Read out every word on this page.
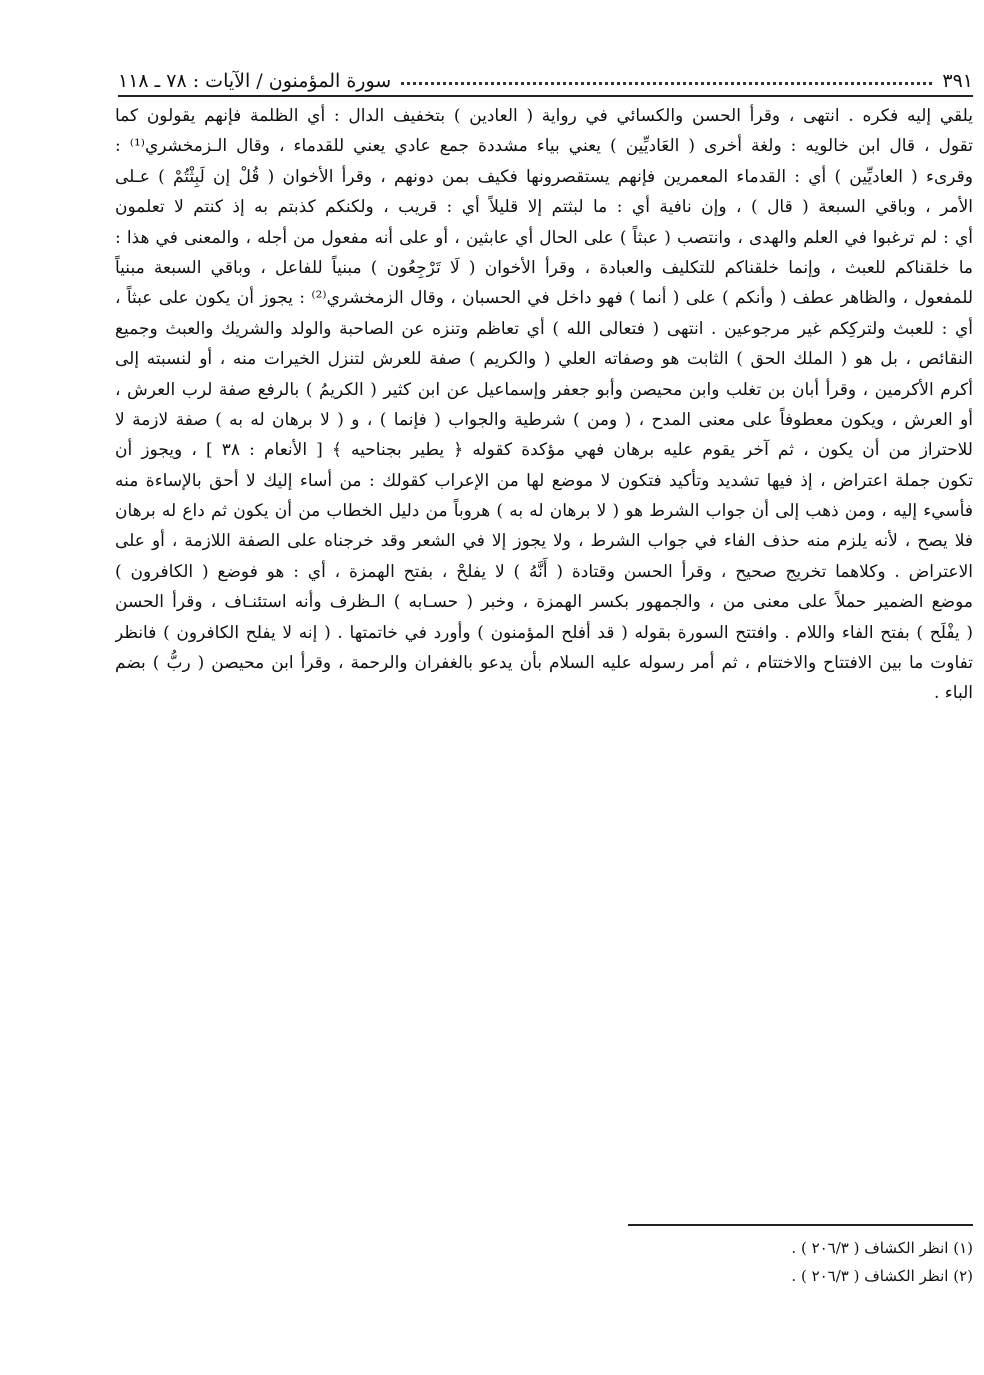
سورة المؤمنون / الآيات : ٧٨ ـ ١١٨	٣٩١
يلقي إليه فكره . انتهى ، وقرأ الحسن والكسائي في رواية ( العادين ) بتخفيف الدال : أي الظلمة فإنهم يقولون كما
تقول ، قال ابن خالويه : ولغة أخرى ( العَاديِّين ) يعني بياء مشددة جمع عادي يعني للقدماء ، وقال الـزمخشري⁽¹⁾ :
وقرىء ( العاديِّين ) أي : القدماء المعمرين فإنهم يستقصرونها فكيف بمن دونهم ، وقرأ الأخوان ( قُلْ إن لَبِثْتُمْ ) عـلى
الأمر ، وباقي السبعة ( قال ) ، وإن نافية أي : ما لبثتم إلا قليلاً أي : قريب ، ولكنكم كذبتم به إذ كنتم لا تعلمون
أي : لم ترغبوا في العلم والهدى ، وانتصب ( عبثاً ) على الحال أي عابثين ، أو على أنه مفعول من أجله ، والمعنى في هذا :
ما خلقناكم للعبث ، وإنما خلقناكم للتكليف والعبادة ، وقرأ الأخوان ( لَا تَرْجِعُون ) مبنياً للفاعل ، وباقي السبعة مبنياً
للمفعول ، والظاهر عطف ( وأنكم ) على ( أنما ) فهو داخل في الحسبان ، وقال الزمخشري⁽²⁾ : يجوز أن يكون على عبثاً ،
أي : للعبث ولتركِكم غير مرجوعين . انتهى ( فتعالى الله ) أي تعاظم وتنزه عن الصاحبة والولد والشريك والعبث وجميع
النقائص ، بل هو ( الملك الحق ) الثابت هو وصفاته العلي ( والكريم ) صفة للعرش لتنزل الخيرات منه ، أو لنسبته إلى
أكرم الأكرمين ، وقرأ أبان بن تغلب وابن محيصن وأبو جعفر وإسماعيل عن ابن كثير ( الكريمُ ) بالرفع صفة لرب العرش ،
أو العرش ، ويكون معطوفاً على معنى المدح ، ( ومن ) شرطية والجواب ( فإنما ) ، و ( لا برهان له به ) صفة لازمة لا
للاحتراز من أن يكون ، ثم آخر يقوم عليه برهان فهي مؤكدة كقوله ﴿ يطير بجناحيه ﴾ [ الأنعام : ٣٨ ] ، ويجوز أن
تكون جملة اعتراض ، إذ فيها تشديد وتأكيد فتكون لا موضع لها من الإعراب كقولك : من أساء إليك لا أحق بالإساءة منه
فأسيء إليه ، ومن ذهب إلى أن جواب الشرط هو ( لا برهان له به ) هروباً من دليل الخطاب من أن يكون ثم داع له برهان
فلا يصح ، لأنه يلزم منه حذف الفاء في جواب الشرط ، ولا يجوز إلا في الشعر وقد خرجناه على الصفة اللازمة ، أو على
الاعتراض . وكلاهما تخريج صحيح ، وقرأ الحسن وقتادة ( أَنَّهُ ) لا يفلحْ ، بفتح الهمزة ، أي : هو فوضع ( الكافرون )
موضع الضمير حملاً على معنى من ، والجمهور بكسر الهمزة ، وخبر ( حسـابه ) الـظرف وأنه استئنـاف ، وقرأ الحسن
( يفْلَح ) بفتح الفاء واللام . وافتتح السورة بقوله ( قد أفلح المؤمنون ) وأورد في خاتمتها . ( إنه لا يفلح الكافرون ) فانظر
تفاوت ما بين الافتتاح والاختتام ، ثم أمر رسوله عليه السلام بأن يدعو بالغفران والرحمة ، وقرأ ابن محيصن ( ربُّ ) بضم
الباء .
(١) انظر الكشاف ( ٢٠٦/٣ ) .
(٢) انظر الكشاف ( ٢٠٦/٣ ) .
